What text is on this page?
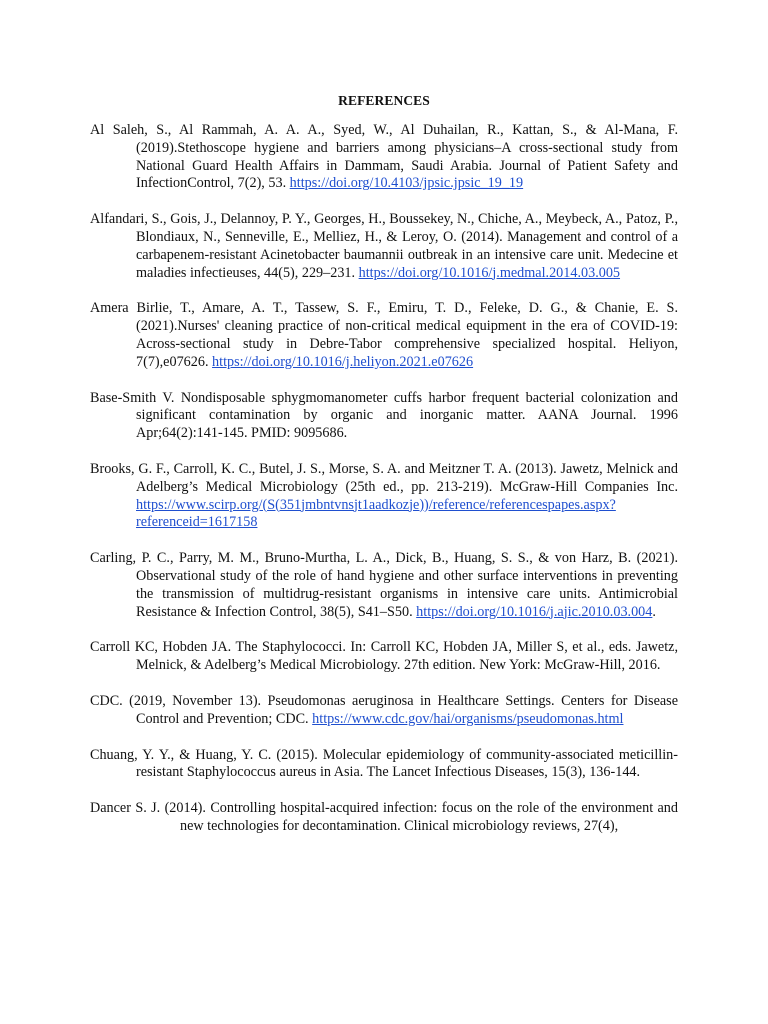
REFERENCES
Al Saleh, S., Al Rammah, A. A. A., Syed, W., Al Duhailan, R., Kattan, S., & Al-Mana, F. (2019).Stethoscope hygiene and barriers among physicians–A cross-sectional study from National Guard Health Affairs in Dammam, Saudi Arabia. Journal of Patient Safety and InfectionControl, 7(2), 53. https://doi.org/10.4103/jpsic.jpsic_19_19
Alfandari, S., Gois, J., Delannoy, P. Y., Georges, H., Boussekey, N., Chiche, A., Meybeck, A., Patoz, P., Blondiaux, N., Senneville, E., Melliez, H., & Leroy, O. (2014). Management and control of a carbapenem-resistant Acinetobacter baumannii outbreak in an intensive care unit. Medecine et maladies infectieuses, 44(5), 229–231. https://doi.org/10.1016/j.medmal.2014.03.005
Amera Birlie, T., Amare, A. T., Tassew, S. F., Emiru, T. D., Feleke, D. G., & Chanie, E. S. (2021).Nurses' cleaning practice of non-critical medical equipment in the era of COVID-19: Across-sectional study in Debre-Tabor comprehensive specialized hospital. Heliyon, 7(7),e07626. https://doi.org/10.1016/j.heliyon.2021.e07626
Base-Smith V. Nondisposable sphygmomanometer cuffs harbor frequent bacterial colonization and significant contamination by organic and inorganic matter. AANA Journal. 1996 Apr;64(2):141-145. PMID: 9095686.
Brooks, G. F., Carroll, K. C., Butel, J. S., Morse, S. A. and Meitzner T. A. (2013). Jawetz, Melnick and Adelberg’s Medical Microbiology (25th ed., pp. 213-219). McGraw-Hill Companies Inc. https://www.scirp.org/(S(351jmbntvnsjt1aadkozje))/reference/referencespapes.aspx?referenceid=1617158
Carling, P. C., Parry, M. M., Bruno-Murtha, L. A., Dick, B., Huang, S. S., & von Harz, B. (2021). Observational study of the role of hand hygiene and other surface interventions in preventing the transmission of multidrug-resistant organisms in intensive care units. Antimicrobial Resistance & Infection Control, 38(5), S41–S50. https://doi.org/10.1016/j.ajic.2010.03.004.
Carroll KC, Hobden JA. The Staphylococci. In: Carroll KC, Hobden JA, Miller S, et al., eds. Jawetz, Melnick, & Adelberg’s Medical Microbiology. 27th edition. New York: McGraw-Hill, 2016.
CDC. (2019, November 13). Pseudomonas aeruginosa in Healthcare Settings. Centers for Disease Control and Prevention; CDC. https://www.cdc.gov/hai/organisms/pseudomonas.html
Chuang, Y. Y., & Huang, Y. C. (2015). Molecular epidemiology of community-associated meticillin-resistant Staphylococcus aureus in Asia. The Lancet Infectious Diseases, 15(3), 136-144.
Dancer S. J. (2014). Controlling hospital-acquired infection: focus on the role of the environment and new technologies for decontamination. Clinical microbiology reviews, 27(4),
